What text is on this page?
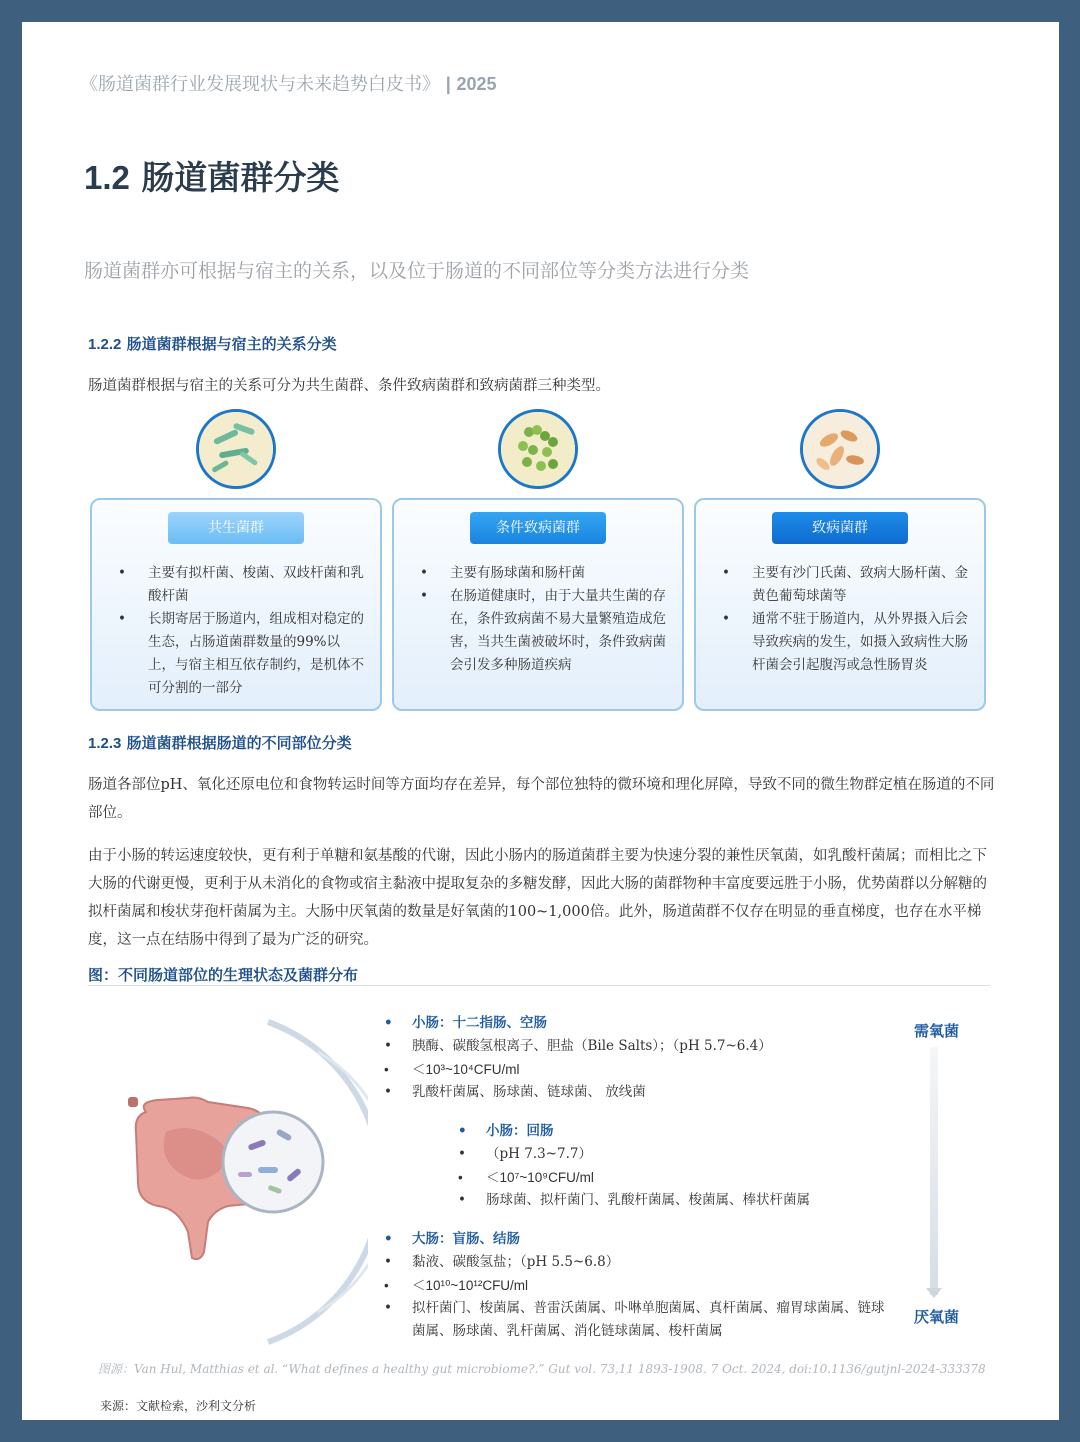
《肠道菌群行业发展现状与未来趋势白皮书》 | 2025
1.2 肠道菌群分类
肠道菌群亦可根据与宿主的关系，以及位于肠道的不同部位等分类方法进行分类
1.2.2 肠道菌群根据与宿主的关系分类
肠道菌群根据与宿主的关系可分为共生菌群、条件致病菌群和致病菌群三种类型。
共生菌群
• 主要有拟杆菌、梭菌、双歧杆菌和乳酸杆菌
• 长期寄居于肠道内，组成相对稳定的生态，占肠道菌群数量的99%以上，与宿主相互依存制约，是机体不可分割的一部分
条件致病菌群
• 主要有肠球菌和肠杆菌
• 在肠道健康时，由于大量共生菌的存在，条件致病菌不易大量繁殖造成危害，当共生菌被破坏时，条件致病菌会引发多种肠道疾病
致病菌群
• 主要有沙门氏菌、致病大肠杆菌、金黄色葡萄球菌等
• 通常不驻于肠道内，从外界摄入后会导致疾病的发生，如摄入致病性大肠杆菌会引起腹泻或急性肠胃炎
1.2.3 肠道菌群根据肠道的不同部位分类
肠道各部位pH、氧化还原电位和食物转运时间等方面均存在差异，每个部位独特的微环境和理化屏障，导致不同的微生物群定植在肠道的不同部位。
由于小肠的转运速度较快，更有利于单糖和氨基酸的代谢，因此小肠内的肠道菌群主要为快速分裂的兼性厌氧菌，如乳酸杆菌属；而相比之下大肠的代谢更慢，更利于从未消化的食物或宿主黏液中提取复杂的多糖发酵，因此大肠的菌群物种丰富度要远胜于小肠，优势菌群以分解糖的拟杆菌属和梭状芽孢杆菌属为主。大肠中厌氧菌的数量是好氧菌的100~1,000倍。此外，肠道菌群不仅存在明显的垂直梯度，也存在水平梯度，这一点在结肠中得到了最为广泛的研究。
图：不同肠道部位的生理状态及菌群分布
• 小肠：十二指肠、空肠
• 胰酶、碳酸氢根离子、胆盐（Bile Salts）；（pH 5.7~6.4）
• ＜10³~10⁴CFU/ml
• 乳酸杆菌属、肠球菌、链球菌、 放线菌
• 小肠：回肠
• （pH 7.3~7.7）
• ＜10⁷~10⁹CFU/ml
• 肠球菌、拟杆菌门、乳酸杆菌属、梭菌属、棒状杆菌属
• 大肠：盲肠、结肠
• 黏液、碳酸氢盐；（pH 5.5~6.8）
• ＜10¹⁰~10¹²CFU/ml
• 拟杆菌门、梭菌属、普雷沃菌属、卟啉单胞菌属、真杆菌属、瘤胃球菌属、链球菌属、肠球菌、乳杆菌属、消化链球菌属、梭杆菌属
需氧菌
厌氧菌
图源：Van Hul, Matthias et al. “What defines a healthy gut microbiome?.” Gut vol. 73,11 1893-1908. 7 Oct. 2024, doi:10.1136/gutjnl-2024-333378
来源：文献检索，沙利文分析
